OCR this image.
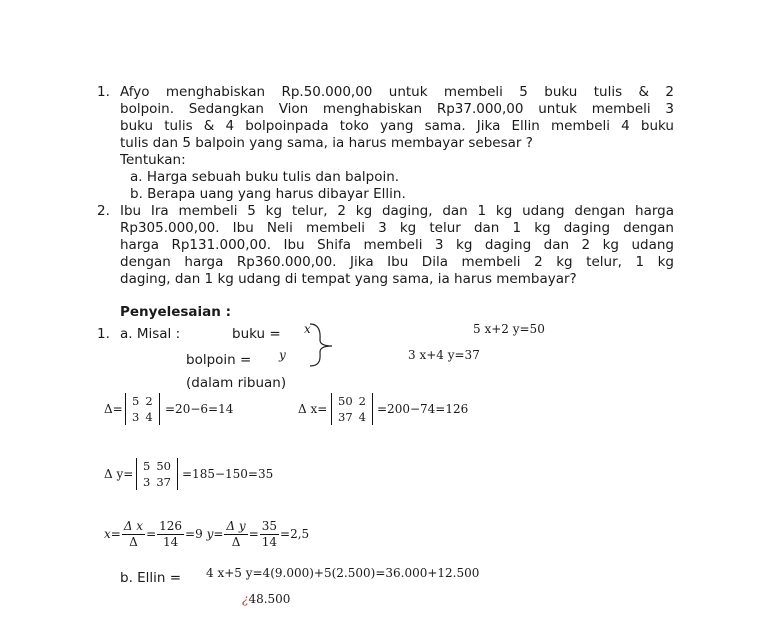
1. Afyo menghabiskan Rp.50.000,00 untuk membeli 5 buku tulis & 2
bolpoin. Sedangkan Vion menghabiskan Rp37.000,00 untuk membeli 3
buku tulis & 4 bolpoinpada toko yang sama. Jika Ellin membeli 4 buku
tulis dan 5 balpoin yang sama, ia harus membayar sebesar ?
Tentukan:
a. Harga sebuah buku tulis dan balpoin.
b. Berapa uang yang harus dibayar Ellin.
2. Ibu Ira membeli 5 kg telur, 2 kg daging, dan 1 kg udang dengan harga
Rp305.000,00. Ibu Neli membeli 3 kg telur dan 1 kg daging dengan
harga Rp131.000,00. Ibu Shifa membeli 3 kg daging dan 2 kg udang
dengan harga Rp360.000,00. Jika Ibu Dila membeli 2 kg telur, 1 kg
daging, dan 1 kg udang di tempat yang sama, ia harus membayar?
Penyelesaian :
1. a. Misal :	buku = x
bolpoin = y
(dalam ribuan)
5 x+2 y=50
3 x+4 y=37
Δ=
5	2
3	4
=20−6=14	Δ x=
50	2
37	4
=200−74=126
Δ y=
5	50
3	37
=185−150=35
$x= \frac{\text{Δ x}}{\Delta} = \frac{126}{14} =9$ $y= \frac{\text{Δ y}}{\Delta} = \frac{35}{14} =2,5$
b. Ellin = 4 x+5 y=4(9.000)+5(2.500)=36.000+12.500
¿48.500
